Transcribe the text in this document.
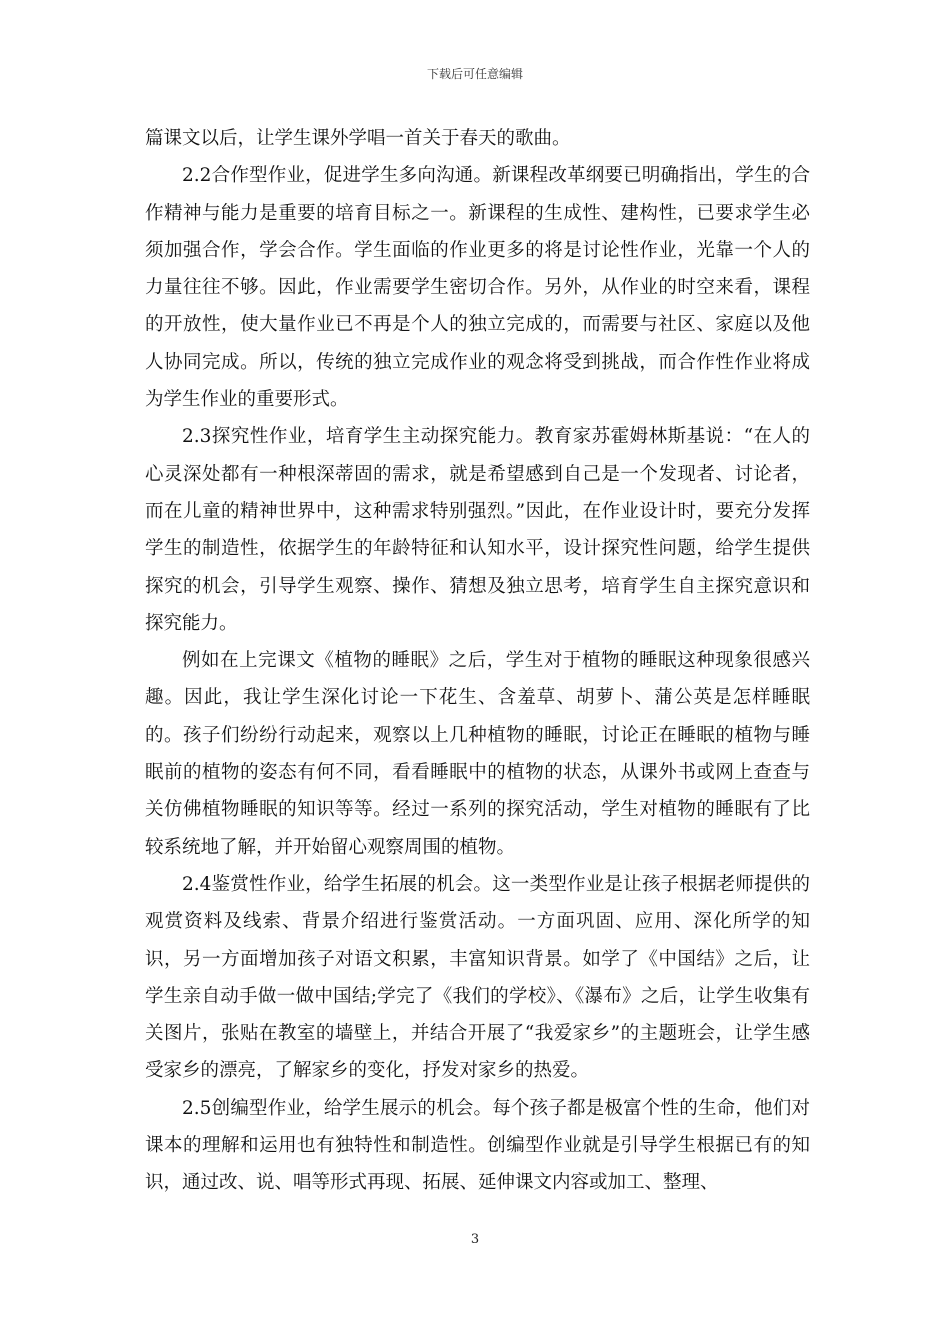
下载后可任意编辑

篇课文以后，让学生课外学唱一首关于春天的歌曲。

2.2合作型作业，促进学生多向沟通。新课程改革纲要已明确指出，学生的合作精神与能力是重要的培育目标之一。新课程的生成性、建构性，已要求学生必须加强合作，学会合作。学生面临的作业更多的将是讨论性作业，光靠一个人的力量往往不够。因此，作业需要学生密切合作。另外，从作业的时空来看，课程的开放性，使大量作业已不再是个人的独立完成的，而需要与社区、家庭以及他人协同完成。所以，传统的独立完成作业的观念将受到挑战，而合作性作业将成为学生作业的重要形式。

2.3探究性作业，培育学生主动探究能力。教育家苏霍姆林斯基说：“在人的心灵深处都有一种根深蒂固的需求，就是希望感到自己是一个发现者、讨论者，而在儿童的精神世界中，这种需求特别强烈。”因此，在作业设计时，要充分发挥学生的制造性，依据学生的年龄特征和认知水平，设计探究性问题，给学生提供探究的机会，引导学生观察、操作、猜想及独立思考，培育学生自主探究意识和探究能力。

例如在上完课文《植物的睡眠》之后，学生对于植物的睡眠这种现象很感兴趣。因此，我让学生深化讨论一下花生、含羞草、胡萝卜、蒲公英是怎样睡眠的。孩子们纷纷行动起来，观察以上几种植物的睡眠，讨论正在睡眠的植物与睡眠前的植物的姿态有何不同，看看睡眠中的植物的状态，从课外书或网上查查与关仿佛植物睡眠的知识等等。经过一系列的探究活动，学生对植物的睡眠有了比较系统地了解，并开始留心观察周围的植物。

2.4鉴赏性作业，给学生拓展的机会。这一类型作业是让孩子根据老师提供的观赏资料及线索、背景介绍进行鉴赏活动。一方面巩固、应用、深化所学的知识，另一方面增加孩子对语文积累，丰富知识背景。如学了《中国结》之后，让学生亲自动手做一做中国结;学完了《我们的学校》、《瀑布》之后，让学生收集有关图片，张贴在教室的墙壁上，并结合开展了“我爱家乡”的主题班会，让学生感受家乡的漂亮，了解家乡的变化，抒发对家乡的热爱。

2.5创编型作业，给学生展示的机会。每个孩子都是极富个性的生命，他们对课本的理解和运用也有独特性和制造性。创编型作业就是引导学生根据已有的知识，通过改、说、唱等形式再现、拓展、延伸课文内容或加工、整理、

3
